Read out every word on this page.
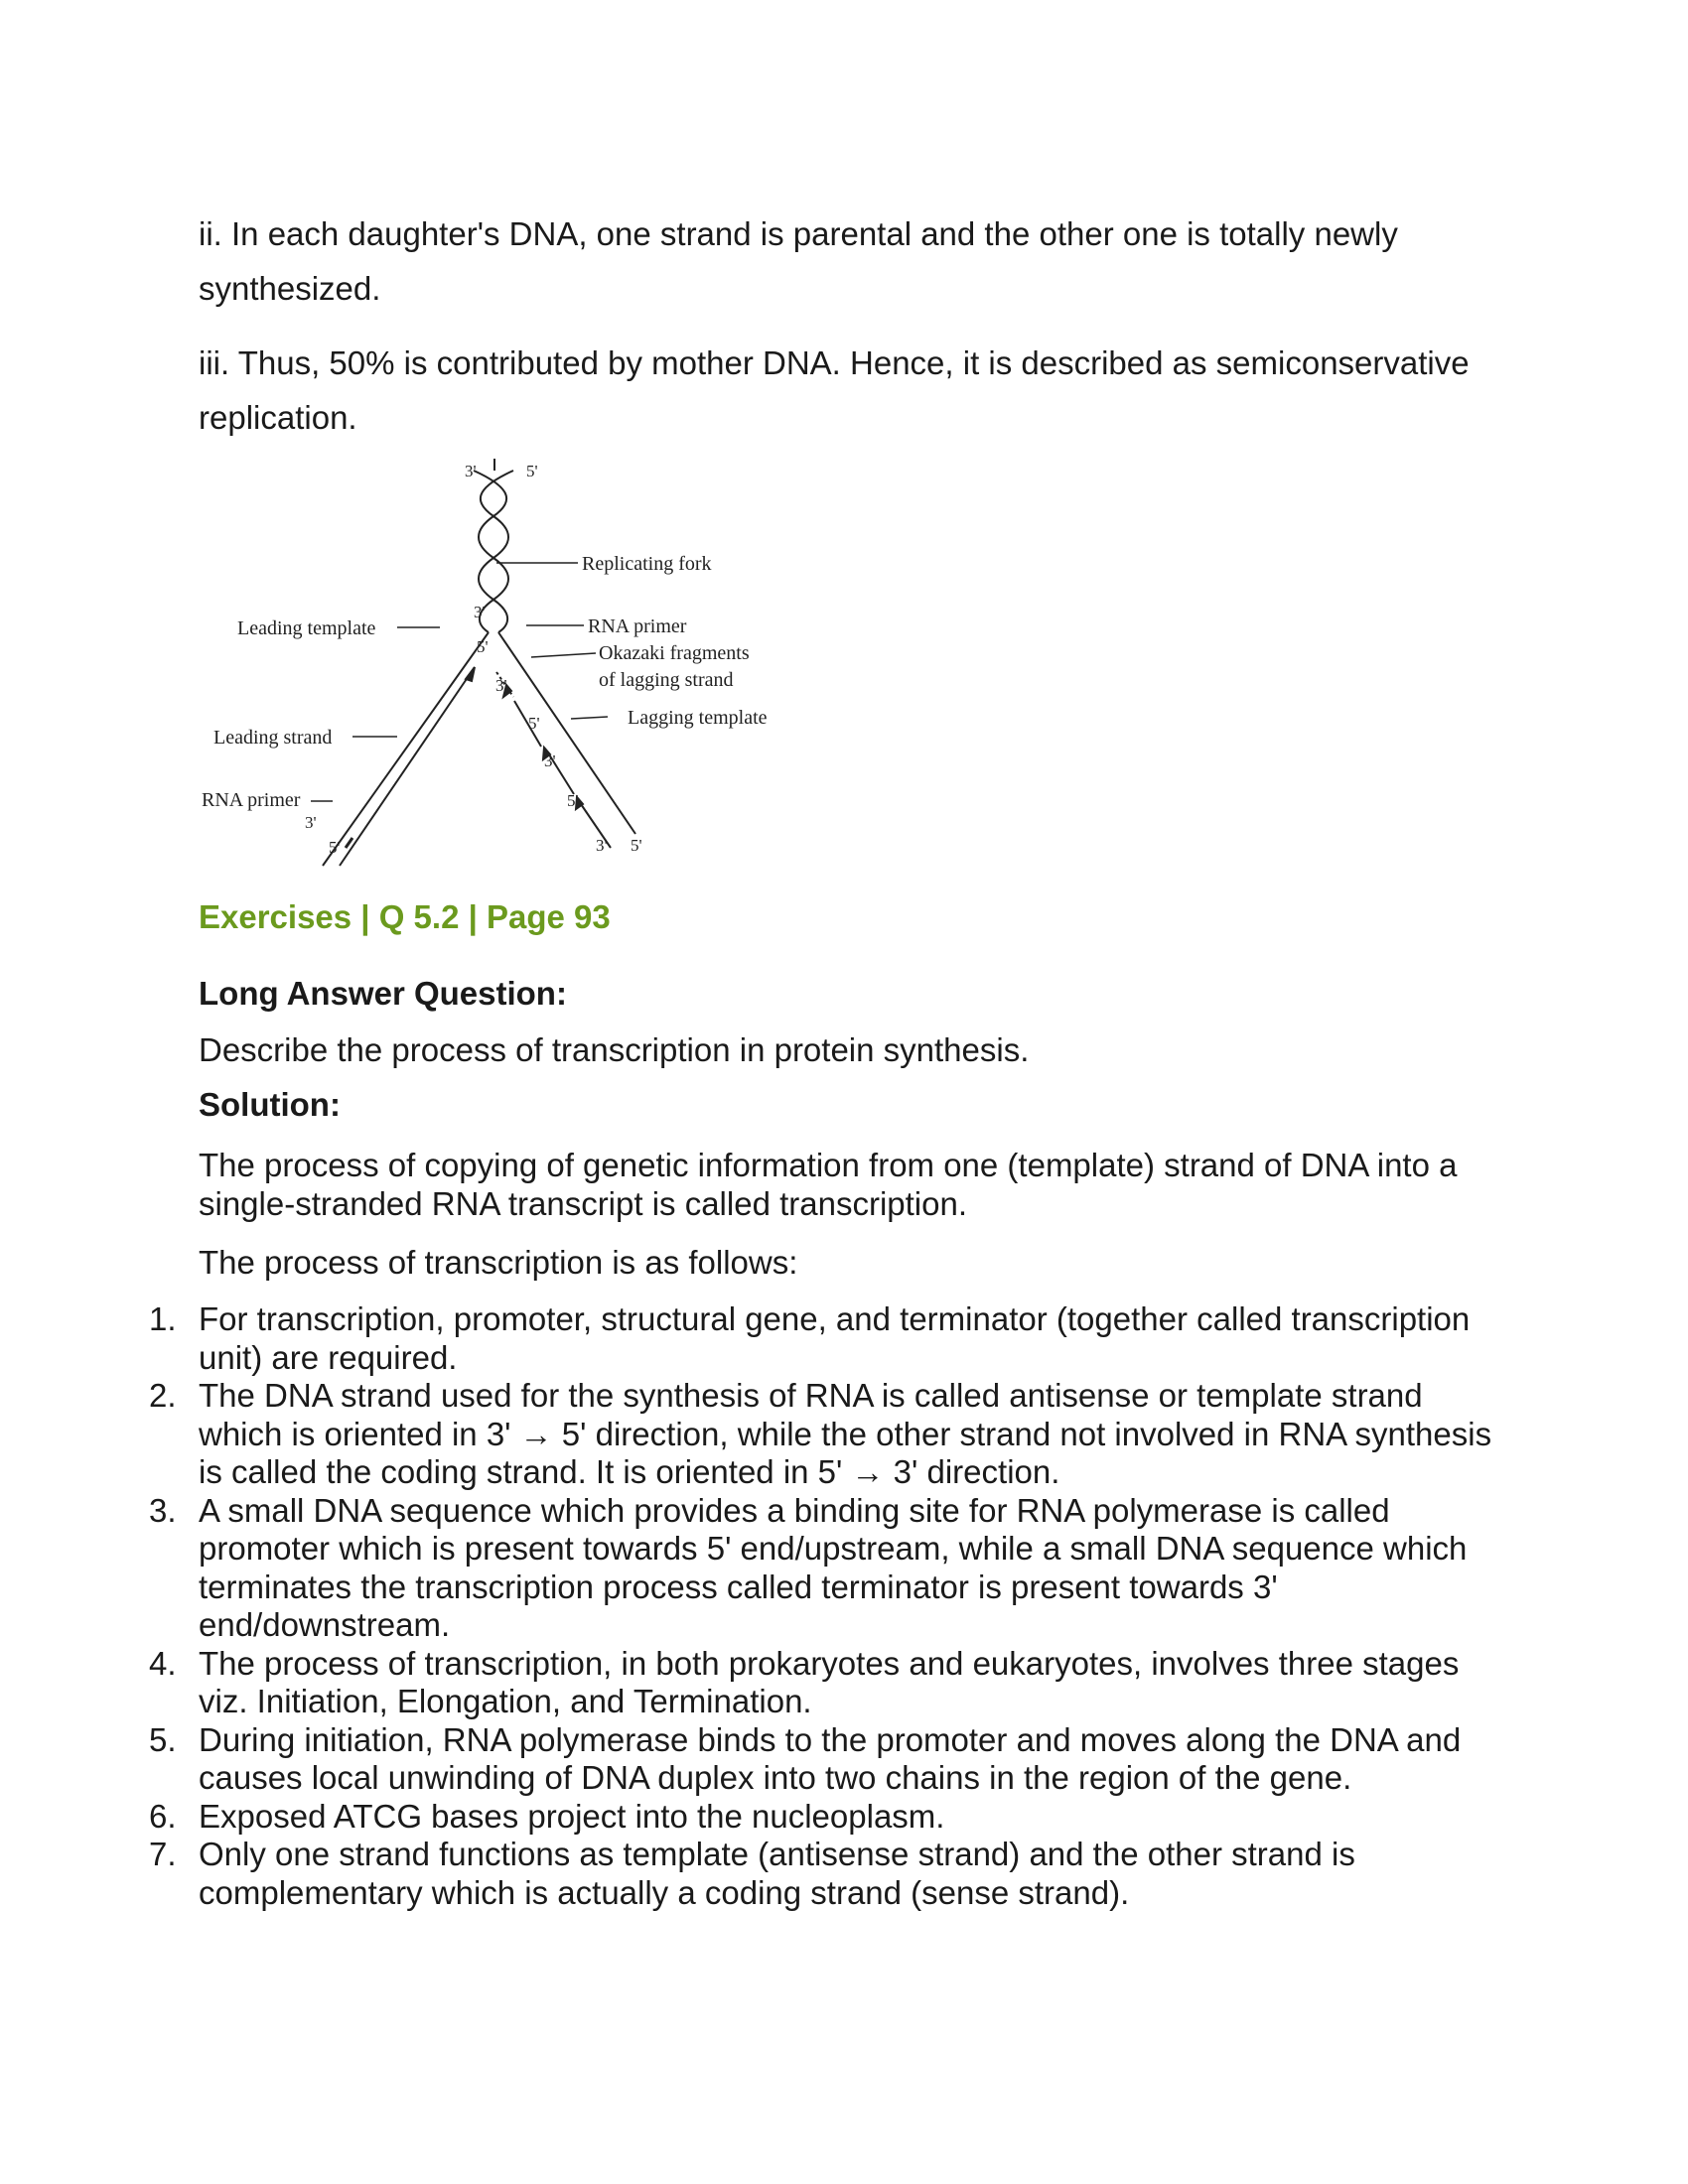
ii. In each daughter's DNA, one strand is parental and the other one is totally newly synthesized.

iii. Thus, 50% is contributed by mother DNA. Hence, it is described as semiconservative replication.

Replicating fork
RNA primer
Okazaki fragments
of lagging strand
Lagging template
Leading template
Leading strand
RNA primer
3'	5'
3'
5'
3'
5'
3'
5'
3' 5'
3'
5'
Exercises | Q 5.2 | Page 93

Long Answer Question:

Describe the process of transcription in protein synthesis.

Solution:

The process of copying of genetic information from one (template) strand of DNA into a single-stranded RNA transcript is called transcription.

The process of transcription is as follows:

1. For transcription, promoter, structural gene, and terminator (together called transcription unit) are required.
2. The DNA strand used for the synthesis of RNA is called antisense or template strand which is oriented in 3' → 5' direction, while the other strand not involved in RNA synthesis is called the coding strand. It is oriented in 5' → 3' direction.
3. A small DNA sequence which provides a binding site for RNA polymerase is called promoter which is present towards 5' end/upstream, while a small DNA sequence which terminates the transcription process called terminator is present towards 3' end/downstream.
4. The process of transcription, in both prokaryotes and eukaryotes, involves three stages viz. Initiation, Elongation, and Termination.
5. During initiation, RNA polymerase binds to the promoter and moves along the DNA and causes local unwinding of DNA duplex into two chains in the region of the gene.
6. Exposed ATCG bases project into the nucleoplasm.
7. Only one strand functions as template (antisense strand) and the other strand is complementary which is actually a coding strand (sense strand).
